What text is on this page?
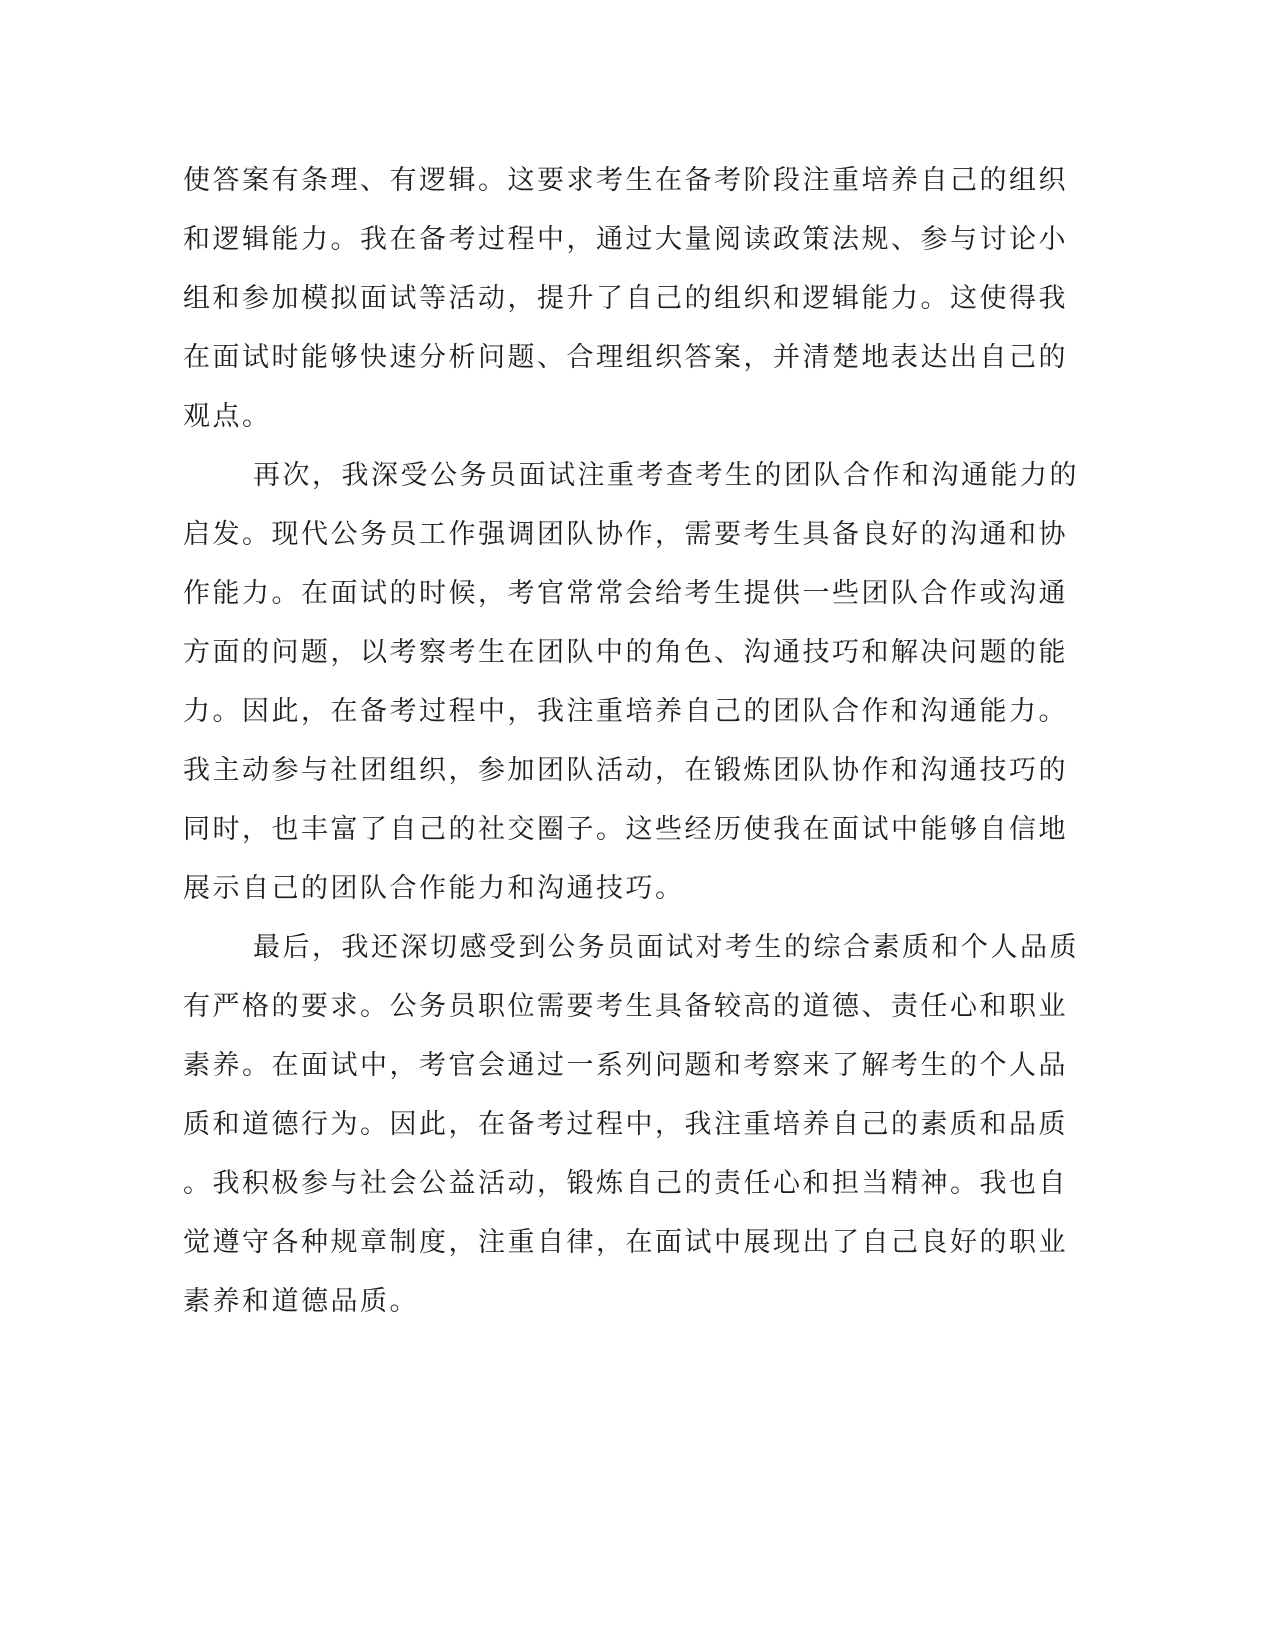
使答案有条理、有逻辑。这要求考生在备考阶段注重培养自己的组织
和逻辑能力。我在备考过程中，通过大量阅读政策法规、参与讨论小
组和参加模拟面试等活动，提升了自己的组织和逻辑能力。这使得我
在面试时能够快速分析问题、合理组织答案，并清楚地表达出自己的
观点。
再次，我深受公务员面试注重考查考生的团队合作和沟通能力的
启发。现代公务员工作强调团队协作，需要考生具备良好的沟通和协
作能力。在面试的时候，考官常常会给考生提供一些团队合作或沟通
方面的问题，以考察考生在团队中的角色、沟通技巧和解决问题的能
力。因此，在备考过程中，我注重培养自己的团队合作和沟通能力。
我主动参与社团组织，参加团队活动，在锻炼团队协作和沟通技巧的
同时，也丰富了自己的社交圈子。这些经历使我在面试中能够自信地
展示自己的团队合作能力和沟通技巧。
最后，我还深切感受到公务员面试对考生的综合素质和个人品质
有严格的要求。公务员职位需要考生具备较高的道德、责任心和职业
素养。在面试中，考官会通过一系列问题和考察来了解考生的个人品
质和道德行为。因此，在备考过程中，我注重培养自己的素质和品质
。我积极参与社会公益活动，锻炼自己的责任心和担当精神。我也自
觉遵守各种规章制度，注重自律，在面试中展现出了自己良好的职业
素养和道德品质。
